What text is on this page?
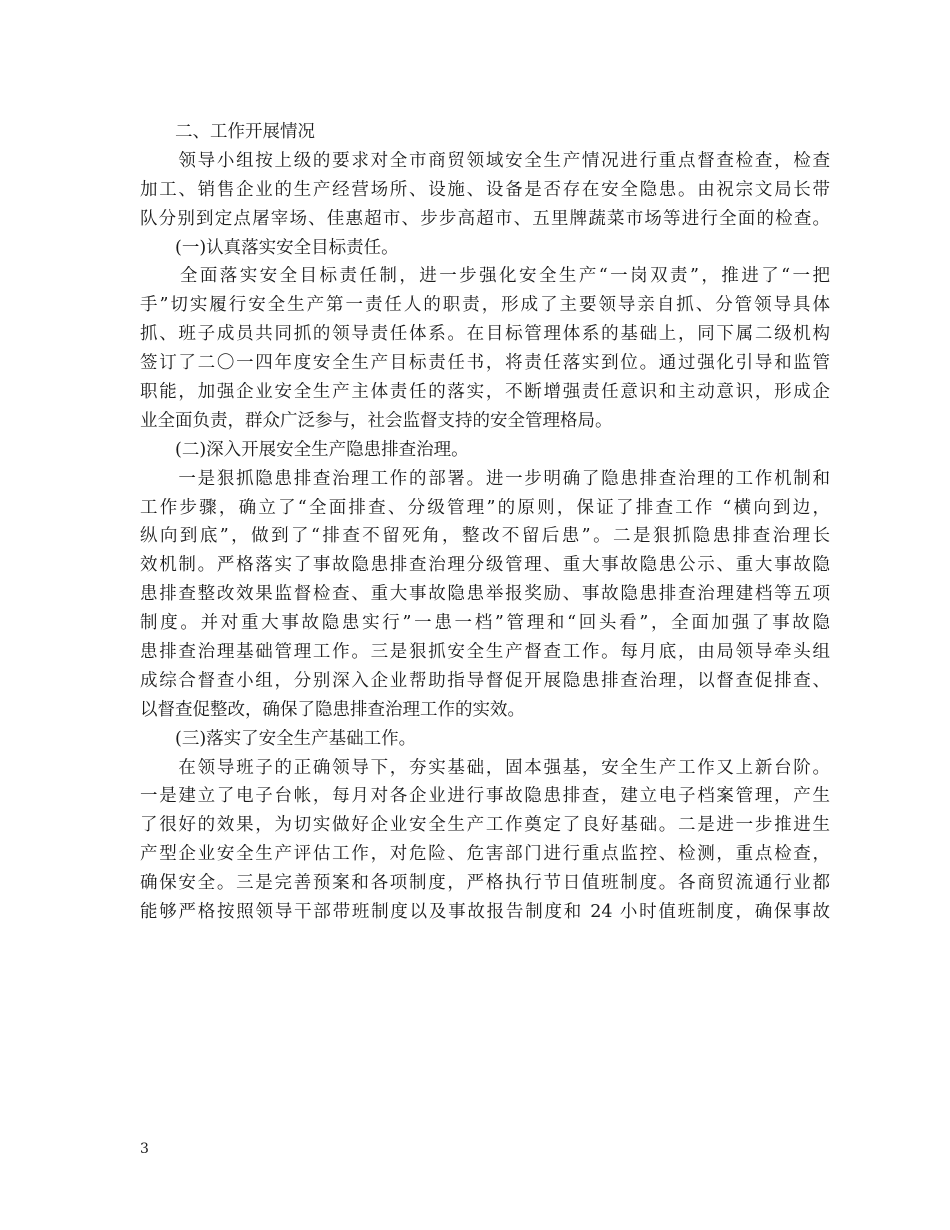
　　二、工作开展情况
　　领导小组按上级的要求对全市商贸领域安全生产情况进行重点督查检查，检查
加工、销售企业的生产经营场所、设施、设备是否存在安全隐患。由祝宗文局长带
队分别到定点屠宰场、佳惠超市、步步高超市、五里牌蔬菜市场等进行全面的检查。
　　(一)认真落实安全目标责任。
　　全面落实安全目标责任制，进一步强化安全生产“一岗双责”，推进了“一把
手”切实履行安全生产第一责任人的职责，形成了主要领导亲自抓、分管领导具体
抓、班子成员共同抓的领导责任体系。在目标管理体系的基础上，同下属二级机构
签订了二〇一四年度安全生产目标责任书，将责任落实到位。通过强化引导和监管
职能，加强企业安全生产主体责任的落实，不断增强责任意识和主动意识，形成企
业全面负责，群众广泛参与，社会监督支持的安全管理格局。
　　(二)深入开展安全生产隐患排查治理。
　　一是狠抓隐患排查治理工作的部署。进一步明确了隐患排查治理的工作机制和
工作步骤，确立了“全面排查、分级管理”的原则，保证了排查工作 “横向到边，
纵向到底”，做到了“排查不留死角，整改不留后患”。二是狠抓隐患排查治理长
效机制。严格落实了事故隐患排查治理分级管理、重大事故隐患公示、重大事故隐
患排查整改效果监督检查、重大事故隐患举报奖励、事故隐患排查治理建档等五项
制度。并对重大事故隐患实行”一患一档”管理和“回头看”，全面加强了事故隐
患排查治理基础管理工作。三是狠抓安全生产督查工作。每月底，由局领导牵头组
成综合督查小组，分别深入企业帮助指导督促开展隐患排查治理，以督查促排查、
以督查促整改，确保了隐患排查治理工作的实效。
　　(三)落实了安全生产基础工作。
　　在领导班子的正确领导下，夯实基础，固本强基，安全生产工作又上新台阶。
一是建立了电子台帐，每月对各企业进行事故隐患排查，建立电子档案管理，产生
了很好的效果，为切实做好企业安全生产工作奠定了良好基础。二是进一步推进生
产型企业安全生产评估工作，对危险、危害部门进行重点监控、检测，重点检查，
确保安全。三是完善预案和各项制度，严格执行节日值班制度。各商贸流通行业都
能够严格按照领导干部带班制度以及事故报告制度和 24 小时值班制度，确保事故
3
